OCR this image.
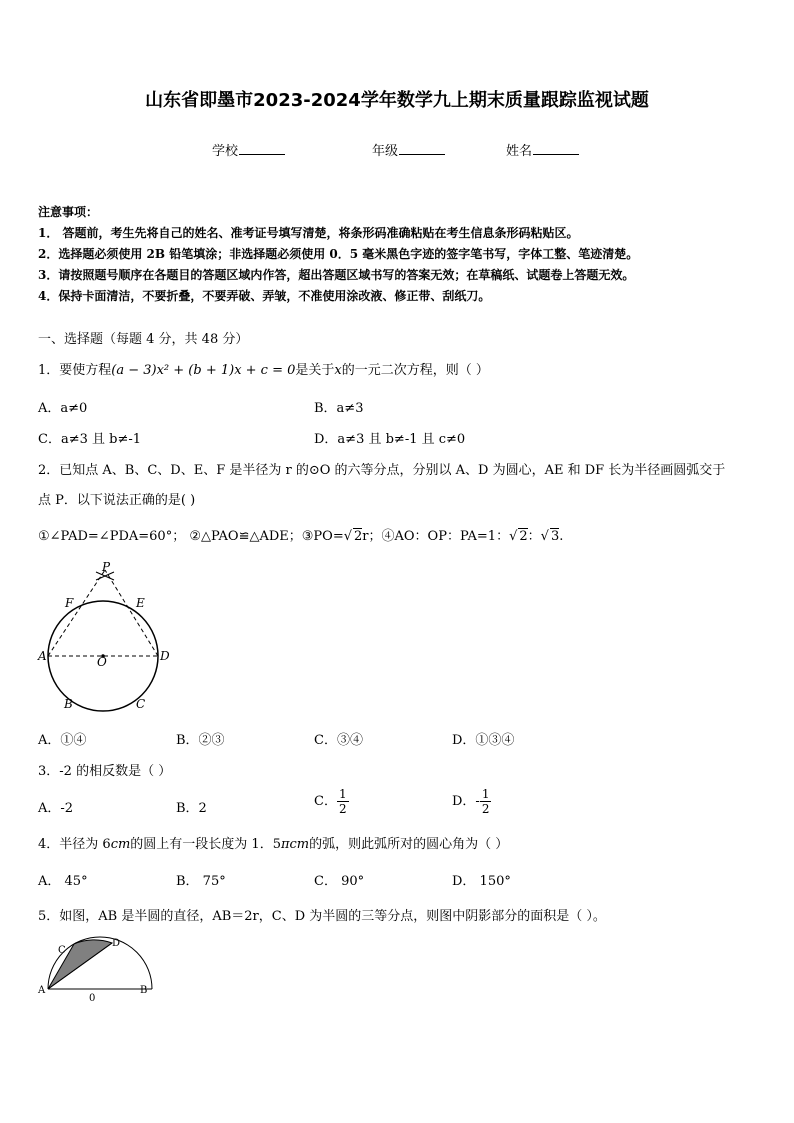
山东省即墨市2023-2024学年数学九上期末质量跟踪监视试题
学校	年级	姓名
注意事项：
1． 答题前，考生先将自己的姓名、准考证号填写清楚，将条形码准确粘贴在考生信息条形码粘贴区。
2．选择题必须使用 2B 铅笔填涂；非选择题必须使用 0．5 毫米黑色字迹的签字笔书写，字体工整、笔迹清楚。
3．请按照题号顺序在各题目的答题区域内作答，超出答题区域书写的答案无效；在草稿纸、试题卷上答题无效。
4．保持卡面清洁，不要折叠，不要弄破、弄皱，不准使用涂改液、修正带、刮纸刀。
一、选择题（每题 4 分，共 48 分）
1．要使方程(a − 3)x² + (b + 1)x + c = 0是关于x的一元二次方程，则（ ）
A．a≠0	B．a≠3
C．a≠3 且 b≠-1	D．a≠3 且 b≠-1 且 c≠0
2．已知点 A、B、C、D、E、F 是半径为 r 的⊙O 的六等分点，分别以 A、D 为圆心，AE 和 DF 长为半径画圆弧交于
点 P．以下说法正确的是( )
①∠PAD=∠PDA=60°； ②△PAO≌△ADE；③PO=√ 2r；④AO：OP：PA=1：√ 2：√ 3.
P
E
F
A	O	D
B	C
A．①④	B．②③	C．③④	D．①③④
3．-2 的相反数是（ ）
A．-2	B．2	C． $\frac{1}{2}$	D．- $\frac{1}{2}$
4．半径为 6cm的圆上有一段长度为 1．5πcm的弧，则此弧所对的圆心角为（ ）
A． 45°	B． 75°	C． 90°	D． 150°
5．如图，AB 是半圆的直径，AB＝2r，C、D 为半圆的三等分点，则图中阴影部分的面积是（ ）。
C
D
A
0
B
